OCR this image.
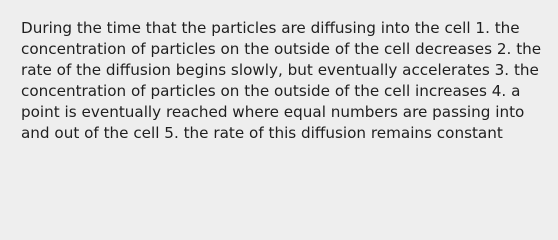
During the time that the particles are diffusing into the cell 1. the concentration of particles on the outside of the cell decreases 2. the rate of the diffusion begins slowly, but eventually accelerates 3. the concentration of particles on the outside of the cell increases 4. a point is eventually reached where equal numbers are passing into and out of the cell 5. the rate of this diffusion remains constant
